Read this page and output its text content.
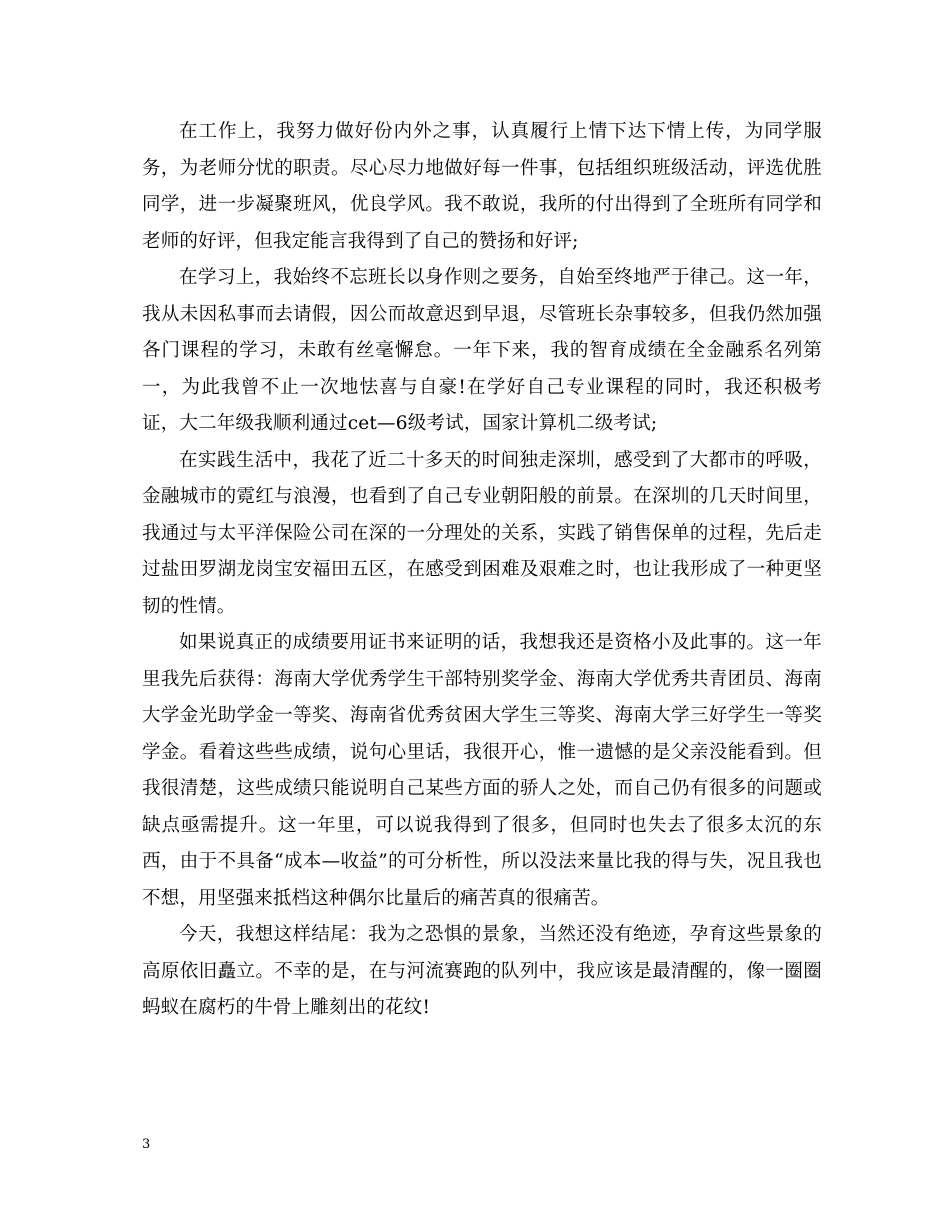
在工作上，我努力做好份内外之事，认真履行上情下达下情上传，为同学服务，为老师分忧的职责。尽心尽力地做好每一件事，包括组织班级活动，评选优胜同学，进一步凝聚班风，优良学风。我不敢说，我所的付出得到了全班所有同学和老师的好评，但我定能言我得到了自己的赞扬和好评;

在学习上，我始终不忘班长以身作则之要务，自始至终地严于律己。这一年，我从未因私事而去请假，因公而故意迟到早退，尽管班长杂事较多，但我仍然加强各门课程的学习，未敢有丝毫懈怠。一年下来，我的智育成绩在全金融系名列第一，为此我曾不止一次地怯喜与自豪!在学好自己专业课程的同时，我还积极考证，大二年级我顺利通过cet—6级考试，国家计算机二级考试;

在实践生活中，我花了近二十多天的时间独走深圳，感受到了大都市的呼吸，金融城市的霓红与浪漫，也看到了自己专业朝阳般的前景。在深圳的几天时间里，我通过与太平洋保险公司在深的一分理处的关系，实践了销售保单的过程，先后走过盐田罗湖龙岗宝安福田五区，在感受到困难及艰难之时，也让我形成了一种更坚韧的性情。

如果说真正的成绩要用证书来证明的话，我想我还是资格小及此事的。这一年里我先后获得：海南大学优秀学生干部特别奖学金、海南大学优秀共青团员、海南大学金光助学金一等奖、海南省优秀贫困大学生三等奖、海南大学三好学生一等奖学金。看着这些些成绩，说句心里话，我很开心，惟一遗憾的是父亲没能看到。但我很清楚，这些成绩只能说明自己某些方面的骄人之处，而自己仍有很多的问题或缺点亟需提升。这一年里，可以说我得到了很多，但同时也失去了很多太沉的东西，由于不具备“成本—收益”的可分析性，所以没法来量比我的得与失，况且我也不想，用坚强来抵档这种偶尔比量后的痛苦真的很痛苦。

今天，我想这样结尾：我为之恐惧的景象，当然还没有绝迹，孕育这些景象的高原依旧矗立。不幸的是，在与河流赛跑的队列中，我应该是最清醒的，像一圈圈蚂蚁在腐朽的牛骨上雕刻出的花纹!

3
